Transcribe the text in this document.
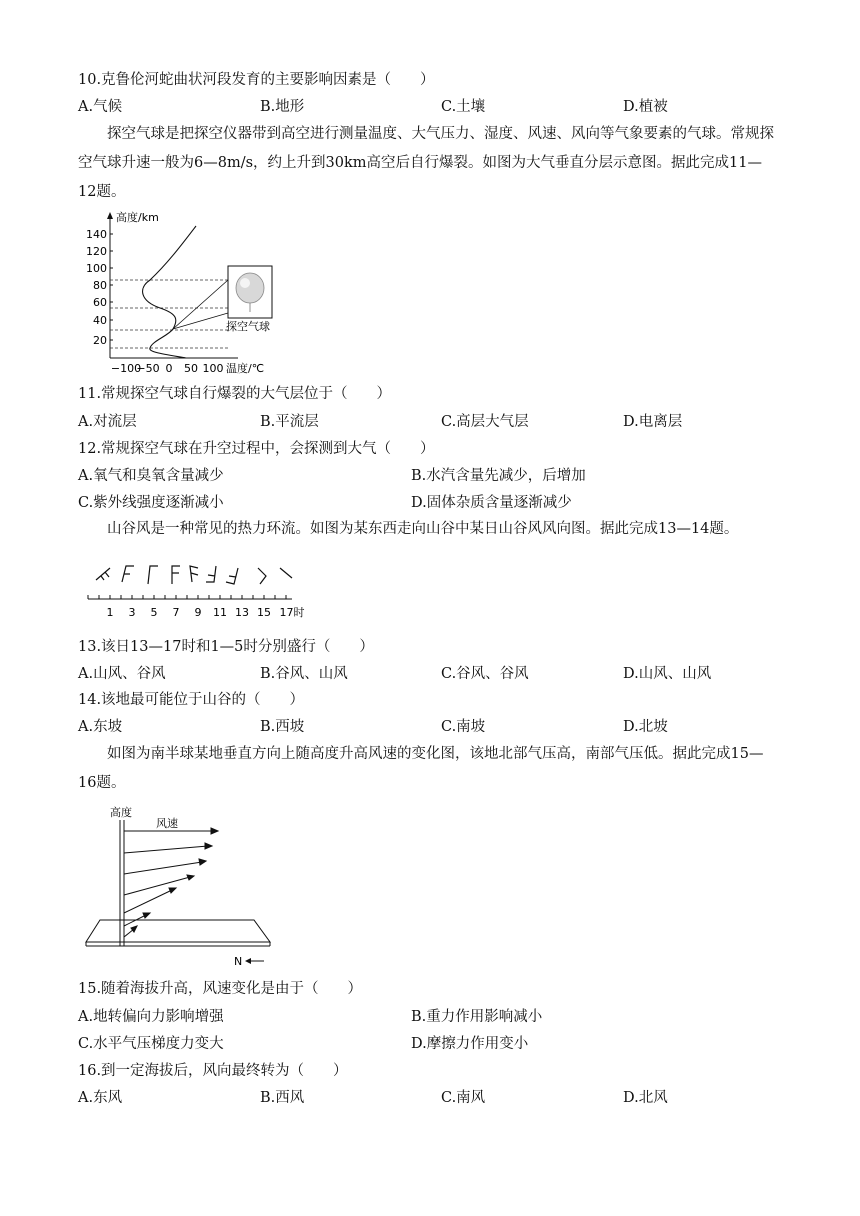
10.克鲁伦河蛇曲状河段发育的主要影响因素是（　　）
A.气候	B.地形	C.土壤	D.植被
探空气球是把探空仪器带到高空进行测量温度、大气压力、湿度、风速、风向等气象要素的气球。常规探空气球升速一般为6—8m/s，约上升到30km高空后自行爆裂。如图为大气垂直分层示意图。据此完成11—12题。
高度/km
140
120
100
80
60
40
20
−100
−50 0 50 100 温度/℃
探空气球
11.常规探空气球自行爆裂的大气层位于（　　）
A.对流层	B.平流层	C.高层大气层	D.电离层
12.常规探空气球在升空过程中，会探测到大气（　　）
A.氧气和臭氧含量减少	B.水汽含量先减少，后增加
C.紫外线强度逐渐减小	D.固体杂质含量逐渐减少
山谷风是一种常见的热力环流。如图为某东西走向山谷中某日山谷风风向图。据此完成13—14题。
1 3 5 7 9 11 13 15 17时
13.该日13—17时和1—5时分别盛行（　　）
A.山风、谷风	B.谷风、山风	C.谷风、谷风	D.山风、山风
14.该地最可能位于山谷的（　　）
A.东坡	B.西坡	C.南坡	D.北坡
如图为南半球某地垂直方向上随高度升高风速的变化图，该地北部气压高，南部气压低。据此完成15—16题。
高度
风速
N
15.随着海拔升高，风速变化是由于（　　）
A.地转偏向力影响增强	B.重力作用影响减小
C.水平气压梯度力变大	D.摩擦力作用变小
16.到一定海拔后，风向最终转为（　　）
A.东风	B.西风	C.南风	D.北风
